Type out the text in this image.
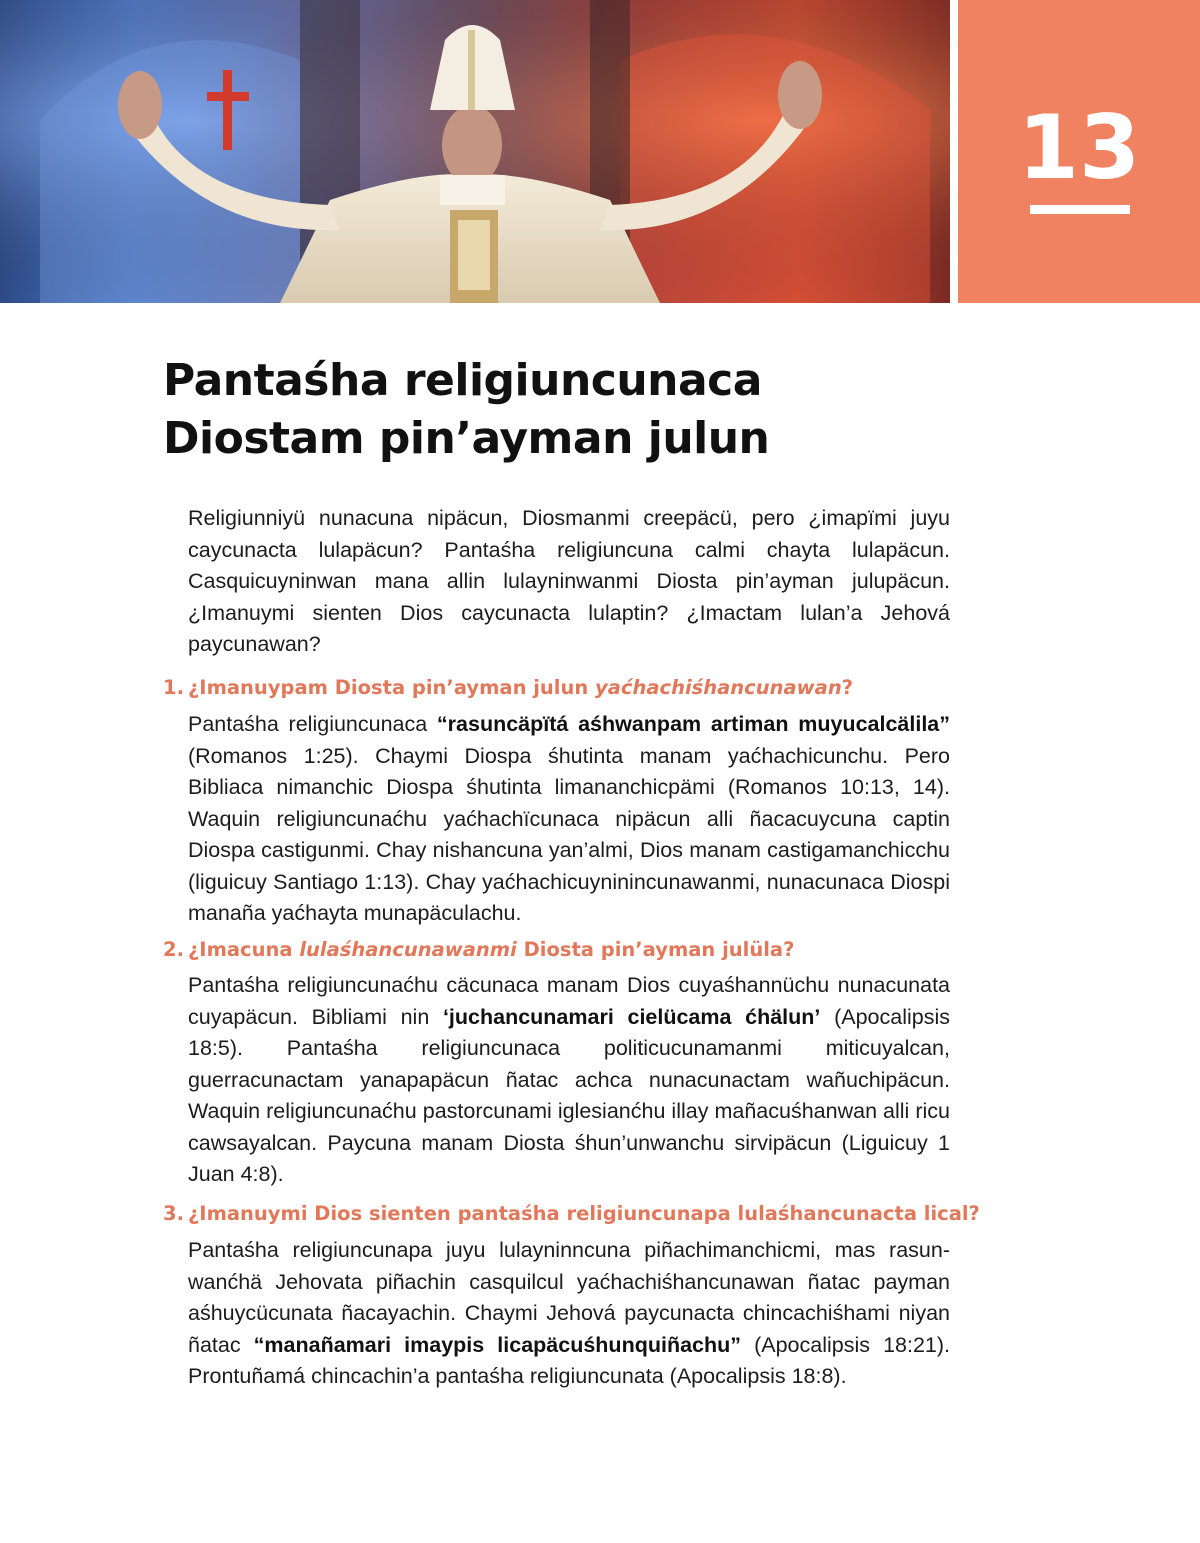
13
Pantaśha religiuncunaca
Diostam pin’ayman julun

Religiunniyü nunacuna nipäcun, Diosmanmi creepäcü, pero ¿imapïmi juyu caycunacta lulapäcun? Pantaśha religiuncuna calmi chayta lulapäcun. Casquicuyninwan mana allin lulayninwanmi Diosta pin’ayman julupäcun. ¿Imanuymi sienten Dios caycunacta lulaptin? ¿Imactam lulan’a Jehová paycunawan?

1. ¿Imanuypam Diosta pin’ayman julun yaćhachiśhancunawan?

Pantaśha religiuncunaca “rasuncäpïtá aśhwanpam artiman muyucalcälila” (Romanos 1:25). Chaymi Diospa śhutinta manam yaćhachicunchu. Pero Bibliaca nimanchic Diospa śhutinta limananchicpämi (Romanos 10:13, 14). Waquin religiuncunaćhu yaćhachïcunaca nipäcun alli ñacacuycuna captin Diospa castigunmi. Chay nishancuna yan’almi, Dios manam castigamanchicchu (liguicuy Santiago 1:13). Chay yaćhachicuyninincunawanmi, nunacunaca Diospi manaña yaćhayta munapäculachu.

2. ¿Imacuna lulaśhancunawanmi Diosta pin’ayman julüla?

Pantaśha religiuncunaćhu cäcunaca manam Dios cuyaśhannüchu nunacunata cuyapäcun. Bibliami nin ‘juchancunamari cielücama ćhälun’ (Apocalipsis 18:5). Pantaśha religiuncunaca politicucunamanmi miticuyalcan, guerracunactam yanapapäcun ñatac achca nunacunactam wañuchipäcun. Waquin religiuncunaćhu pastorcunami iglesianćhu illay mañacuśhanwan alli ricu cawsayalcan. Paycuna manam Diosta śhun’unwanchu sirvipäcun (Liguicuy 1 Juan 4:8).

3. ¿Imanuymi Dios sienten pantaśha religiuncunapa lulaśhancunacta lical?

Pantaśha religiuncunapa juyu lulayninncuna piñachimanchicmi, mas rasunwanćhä Jehovata piñachin casquilcul yaćhachiśhancunawan ñatac payman aśhuycücunata ñacayachin. Chaymi Jehová paycunacta chincachiśhami niyan ñatac “manañamari imaypis licapäcuśhunquiñachu” (Apocalipsis 18:21). Prontuñamá chincachin’a pantaśha religiuncunata (Apocalipsis 18:8).
